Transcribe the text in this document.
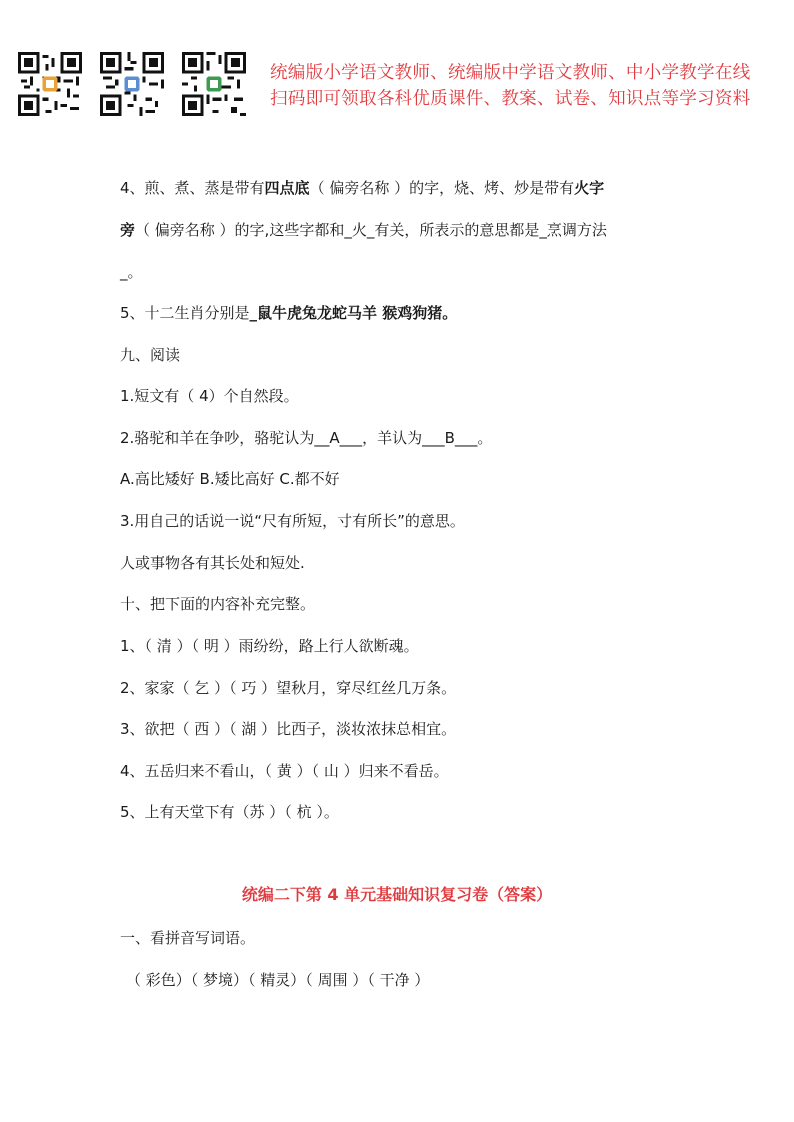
统编版小学语文教师、统编版中学语文教师、中小学教学在线
扫码即可领取各科优质课件、教案、试卷、知识点等学习资料
4、煎、煮、蒸是带有四点底（ 偏旁名称 ）的字，烧、烤、炒是带有火字
旁（ 偏旁名称 ）的字,这些字都和_火_有关，所表示的意思都是_烹调方法
_。
5、十二生肖分别是_鼠牛虎兔龙蛇马羊 猴鸡狗猪。
九、阅读
1.短文有（ 4）个自然段。
2.骆驼和羊在争吵，骆驼认为__A___，羊认为___B___。
A.高比矮好 B.矮比高好 C.都不好
3.用自己的话说一说“尺有所短，寸有所长”的意思。
人或事物各有其长处和短处.
十、把下面的内容补充完整。
1、（ 清 ）（ 明 ）雨纷纷，路上行人欲断魂。
2、家家（ 乞 ）（ 巧 ）望秋月，穿尽红丝几万条。
3、欲把（ 西 ）（ 湖 ）比西子，淡妆浓抹总相宜。
4、五岳归来不看山，（ 黄 ）（ 山 ）归来不看岳。
5、上有天堂下有（苏 ）（ 杭 ）。
一、看拼音写词语。
（ 彩色）（ 梦境）（ 精灵）（ 周围 ）（ 干净 ）
统编二下第 4 单元基础知识复习卷（答案）
